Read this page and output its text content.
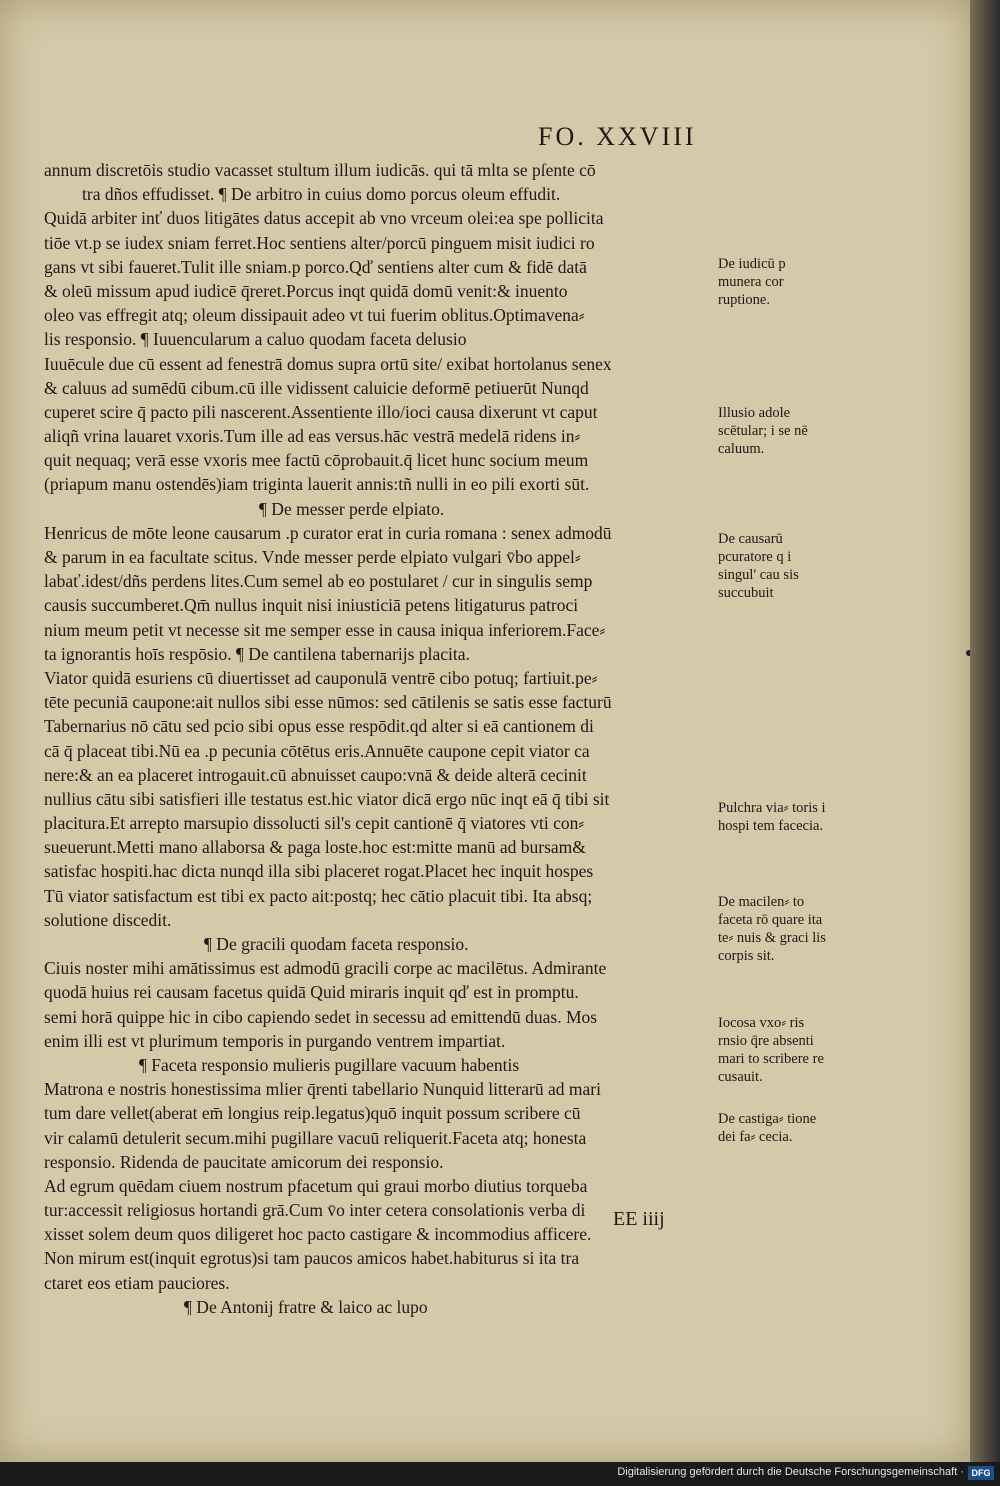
FO. XXVIII
annum discretōis studio vacasset stultum illum iudicās. qui tā mlta se pſente cō
tra dños effudisset. ¶ De arbitro in cuius domo porcus oleum effudit.
Quidā arbiter inť duos litigātes datus accepit ab vno vrceum olei:ea spe pollicita
tiōe vt.p se iudex sniam ferret.Hoc sentiens alter/porcū pinguem misit iudici ro
gans vt sibi faueret.Tulit ille sniam.p porco.Qď sentiens alter cum & fidē datā
& oleū missum apud iudicē q̄reret.Porcus inqt quidā domū venit:& inuento
oleo vas effregit atq; oleum dissipauit adeo vt tui fuerim oblitus.Optimavena⸗
lis responsio. ¶ Iuuencularum a caluo quodam faceta delusio
Iuuēcule due cū essent ad fenestrā domus supra ortū site/ exibat hortolanus senex
& caluus ad sumēdū cibum.cū ille vidissent caluicie deformē petiuerūt Nunqd
cuperet scire q̄ pacto pili nascerent.Assentiente illo/ioci causa dixerunt vt caput
aliqñ vrina lauaret vxoris.Tum ille ad eas versus.hāc vestrā medelā ridens in⸗
quit nequaq; verā esse vxoris mee factū cōprobauit.q̄ licet hunc socium meum
(priapum manu ostendēs)iam triginta lauerit annis:tñ nulli in eo pili exorti sūt.
¶ De messer perde elpiato.
Henricus de mōte leone causarum .p curator erat in curia romana : senex admodū
& parum in ea facultate scitus. Vnde messer perde elpiato vulgari v̄bo appel⸗
labať.idest/dñs perdens lites.Cum semel ab eo postularet / cur in singulis semp
causis succumberet.Qm̄ nullus inquit nisi iniusticiā petens litigaturus patroci
nium meum petit vt necesse sit me semper esse in causa iniqua inferiorem.Face⸗
ta ignorantis hoīs respōsio. ¶ De cantilena tabernarijs placita.
Viator quidā esuriens cū diuertisset ad cauponulā ventrē cibo potuq; fartiuit.pe⸗
tēte pecuniā caupone:ait nullos sibi esse nūmos: sed cātilenis se satis esse facturū
Tabernarius nō cātu sed pcio sibi opus esse respōdit.qd alter si eā cantionem di
cā q̄ placeat tibi.Nū ea .p pecunia cōtētus eris.Annuēte caupone cepit viator ca
nere:& an ea placeret introgauit.cū abnuisset caupo:vnā & deide alterā cecinit
nullius cātu sibi satisfieri ille testatus est.hic viator dicā ergo nūc inqt eā q̄ tibi sit
placitura.Et arrepto marsupio dissolucti sil's cepit cantionē q̄ viatores vti con⸗
sueuerunt.Metti mano allaborsa & paga loste.hoc est:mitte manū ad bursam&
satisfac hospiti.hac dicta nunqd illa sibi placeret rogat.Placet hec inquit hospes
Tū viator satisfactum est tibi ex pacto ait:postq; hec cātio placuit tibi. Ita absq;
solutione discedit.
¶ De gracili quodam faceta responsio.
Ciuis noster mihi amātissimus est admodū gracili corpe ac macilētus. Admirante
quodā huius rei causam facetus quidā Quid miraris inquit qď est in promptu.
semi horā quippe hic in cibo capiendo sedet in secessu ad emittendū duas. Mos
enim illi est vt plurimum temporis in purgando ventrem impartiat.
¶ Faceta responsio mulieris pugillare vacuum habentis
Matrona e nostris honestissima mlier q̄renti tabellario Nunquid litterarū ad mari
tum dare vellet(aberat em̄ longius reip.legatus)quō inquit possum scribere cū
vir calamū detulerit secum.mihi pugillare vacuū reliquerit.Faceta atq; honesta
responsio. Ridenda de paucitate amicorum dei responsio.
Ad egrum quēdam ciuem nostrum pfacetum qui graui morbo diutius torqueba
tur:accessit religiosus hortandi grā.Cum v̄o inter cetera consolationis verba di
xisset solem deum quos diligeret hoc pacto castigare & incommodius afficere.
Non mirum est(inquit egrotus)si tam paucos amicos habet.habiturus si ita tra
ctaret eos etiam pauciores.
¶ De Antonij fratre & laico ac lupo
De iudicū p munera cor ruptione.
Illusio adole scētular; i se nē caluum.
De causarū pcuratore q i singul' cau sis succubuit
Pulchra via⸗ toris i hospi tem facecia.
De macilen⸗ to faceta rō quare ita te⸗ nuis & graci lis corpis sit.
Iocosa vxo⸗ ris rnsio q̄re absenti mari to scribere re cusauit.
De castiga⸗ tione dei fa⸗ cecia.
EE iiij
Digitalisierung gefördert durch die Deutsche Forschungsgemeinschaft · DFG
